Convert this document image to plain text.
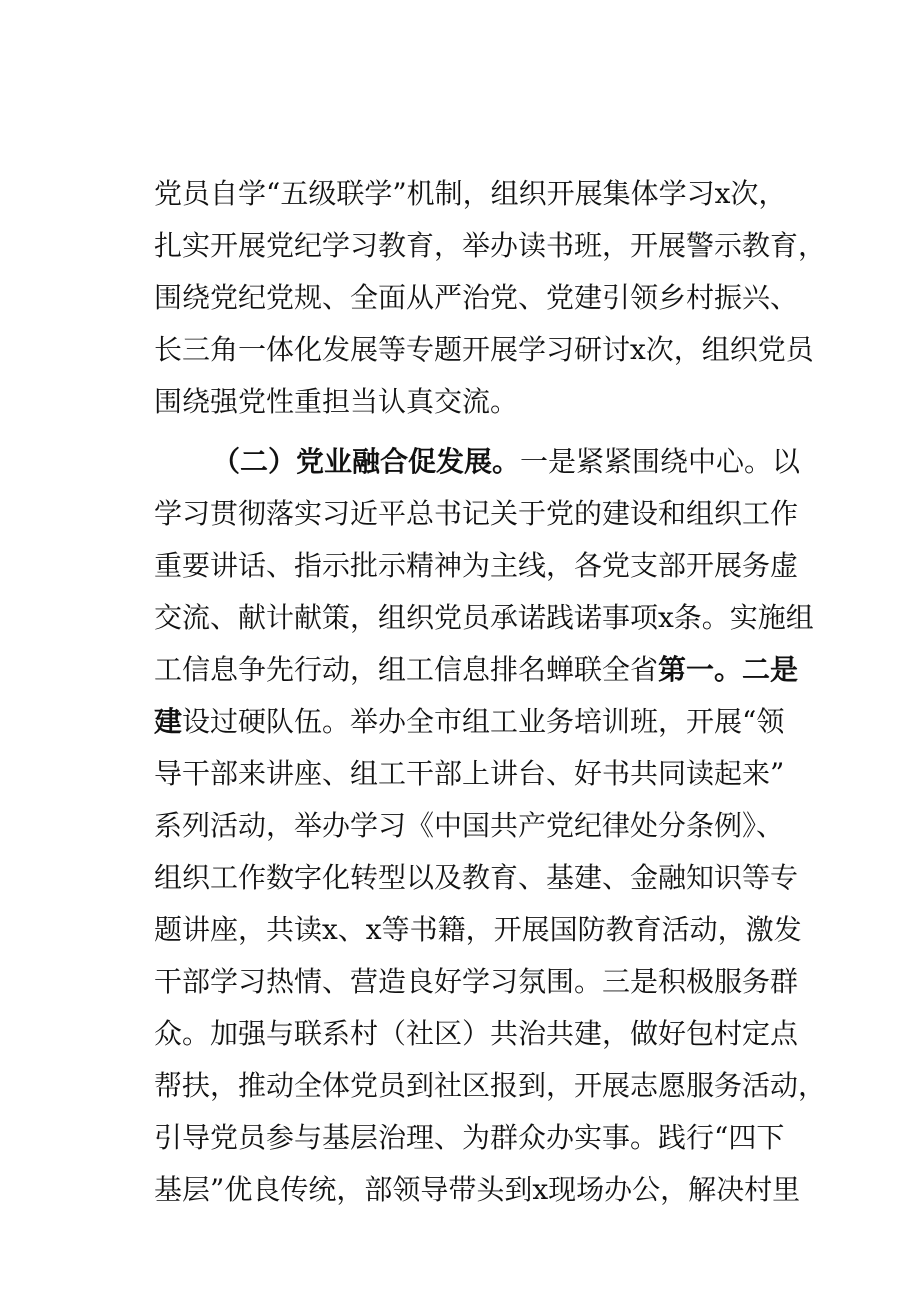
党员自学“五级联学”机制，组织开展集体学习x次，
扎实开展党纪学习教育，举办读书班，开展警示教育，
围绕党纪党规、全面从严治党、党建引领乡村振兴、
长三角一体化发展等专题开展学习研讨x次，组织党员
围绕强党性重担当认真交流。
（二）党业融合促发展。一是紧紧围绕中心。以
学习贯彻落实习近平总书记关于党的建设和组织工作
重要讲话、指示批示精神为主线，各党支部开展务虚
交流、献计献策，组织党员承诺践诺事项x条。实施组
工信息争先行动，组工信息排名蝉联全省第一。二是
建设过硬队伍。举办全市组工业务培训班，开展“领
导干部来讲座、组工干部上讲台、好书共同读起来”
系列活动，举办学习《中国共产党纪律处分条例》、
组织工作数字化转型以及教育、基建、金融知识等专
题讲座，共读x、x等书籍，开展国防教育活动，激发
干部学习热情、营造良好学习氛围。三是积极服务群
众。加强与联系村（社区）共治共建，做好包村定点
帮扶，推动全体党员到社区报到，开展志愿服务活动，
引导党员参与基层治理、为群众办实事。践行“四下
基层”优良传统，部领导带头到x现场办公，解决村里
